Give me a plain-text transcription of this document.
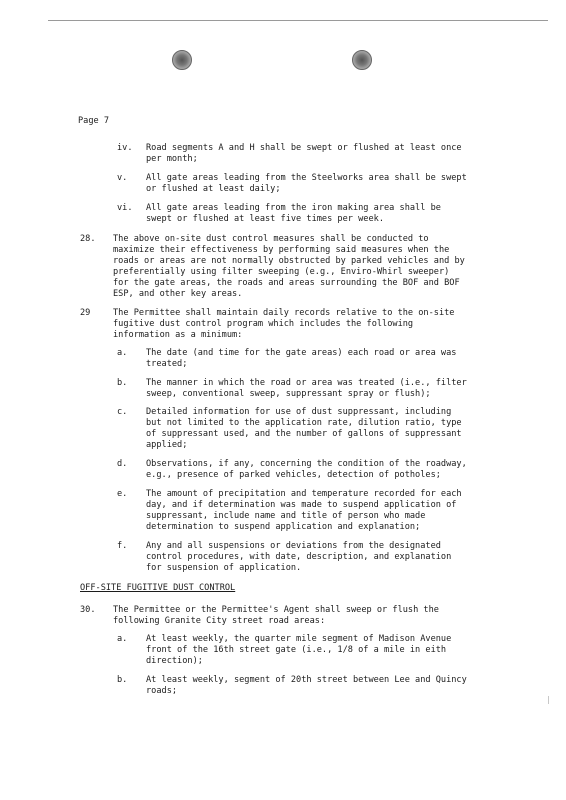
Page 7
iv. Road segments A and H shall be swept or flushed at least once
per month;
v. All gate areas leading from the Steelworks area shall be swept
or flushed at least daily;
vi. All gate areas leading from the iron making area shall be
swept or flushed at least five times per week.
28. The above on-site dust control measures shall be conducted to
maximize their effectiveness by performing said measures when the
roads or areas are not normally obstructed by parked vehicles and by
preferentially using filter sweeping (e.g., Enviro-Whirl sweeper)
for the gate areas, the roads and areas surrounding the BOF and BOF
ESP, and other key areas.
29	The Permittee shall maintain daily records relative to the on-site
fugitive dust control program which includes the following
information as a minimum:
a. The date (and time for the gate areas) each road or area was
treated;
b. The manner in which the road or area was treated (i.e., filter
sweep, conventional sweep, suppressant spray or flush);
c. Detailed information for use of dust suppressant, including
but not limited to the application rate, dilution ratio, type
of suppressant used, and the number of gallons of suppressant
applied;
d. Observations, if any, concerning the condition of the roadway,
e.g., presence of parked vehicles, detection of potholes;
e. The amount of precipitation and temperature recorded for each
day, and if determination was made to suspend application of
suppressant, include name and title of person who made
determination to suspend application and explanation;
f. Any and all suspensions or deviations from the designated
control procedures, with date, description, and explanation
for suspension of application.
OFF-SITE FUGITIVE DUST CONTROL
30. The Permittee or the Permittee's Agent shall sweep or flush the
following Granite City street road areas:
a. At least weekly, the quarter mile segment of Madison Avenue
front of the 16th street gate (i.e., 1/8 of a mile in eith
direction);
b. At least weekly, segment of 20th street between Lee and Quincy
roads;
